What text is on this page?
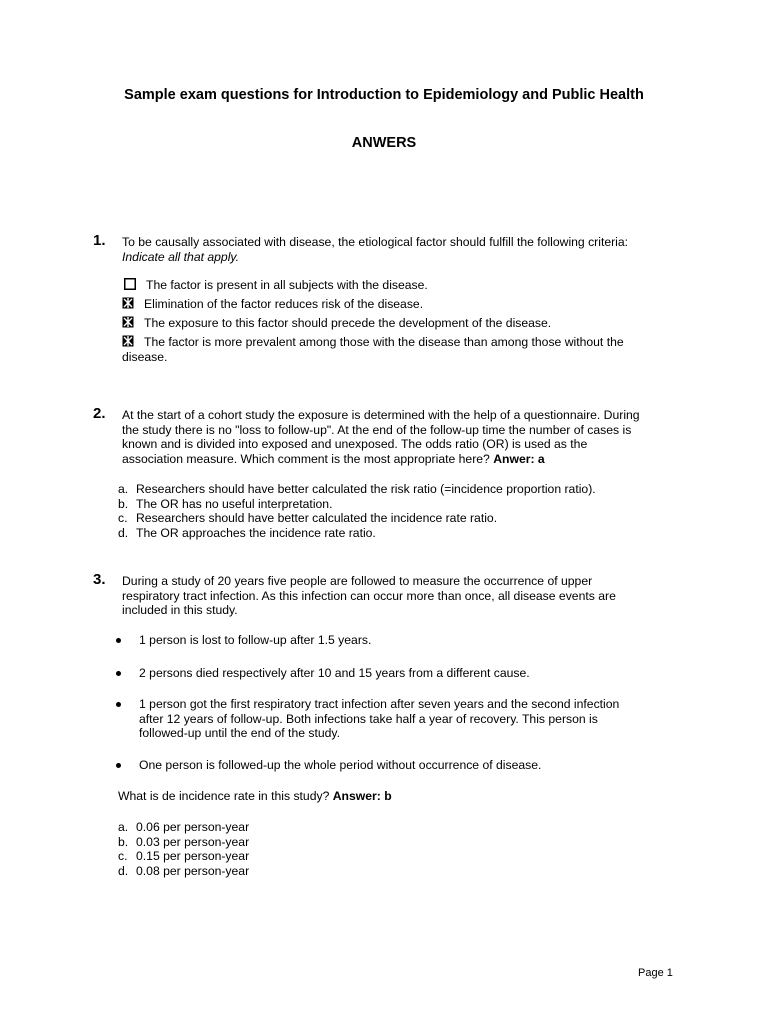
Sample exam questions for Introduction to Epidemiology and Public Health
ANWERS
1. To be causally associated with disease, the etiological factor should fulfill the following criteria:
Indicate all that apply.
The factor is present in all subjects with the disease.
Elimination of the factor reduces risk of the disease.
The exposure to this factor should precede the development of the disease.
The factor is more prevalent among those with the disease than among those without the
disease.
2. At the start of a cohort study the exposure is determined with the help of a questionnaire. During
the study there is no "loss to follow-up". At the end of the follow-up time the number of cases is
known and is divided into exposed and unexposed. The odds ratio (OR) is used as the
association measure. Which comment is the most appropriate here? Anwer: a
a. Researchers should have better calculated the risk ratio (=incidence proportion ratio).
b. The OR has no useful interpretation.
c. Researchers should have better calculated the incidence rate ratio.
d. The OR approaches the incidence rate ratio.
3. During a study of 20 years five people are followed to measure the occurrence of upper
respiratory tract infection. As this infection can occur more than once, all disease events are
included in this study.
1 person is lost to follow-up after 1.5 years.
2 persons died respectively after 10 and 15 years from a different cause.
1 person got the first respiratory tract infection after seven years and the second infection
after 12 years of follow-up. Both infections take half a year of recovery. This person is
followed-up until the end of the study.
One person is followed-up the whole period without occurrence of disease.
What is de incidence rate in this study? Answer: b
a. 0.06 per person-year
b. 0.03 per person-year
c. 0.15 per person-year
d. 0.08 per person-year
Page 1
